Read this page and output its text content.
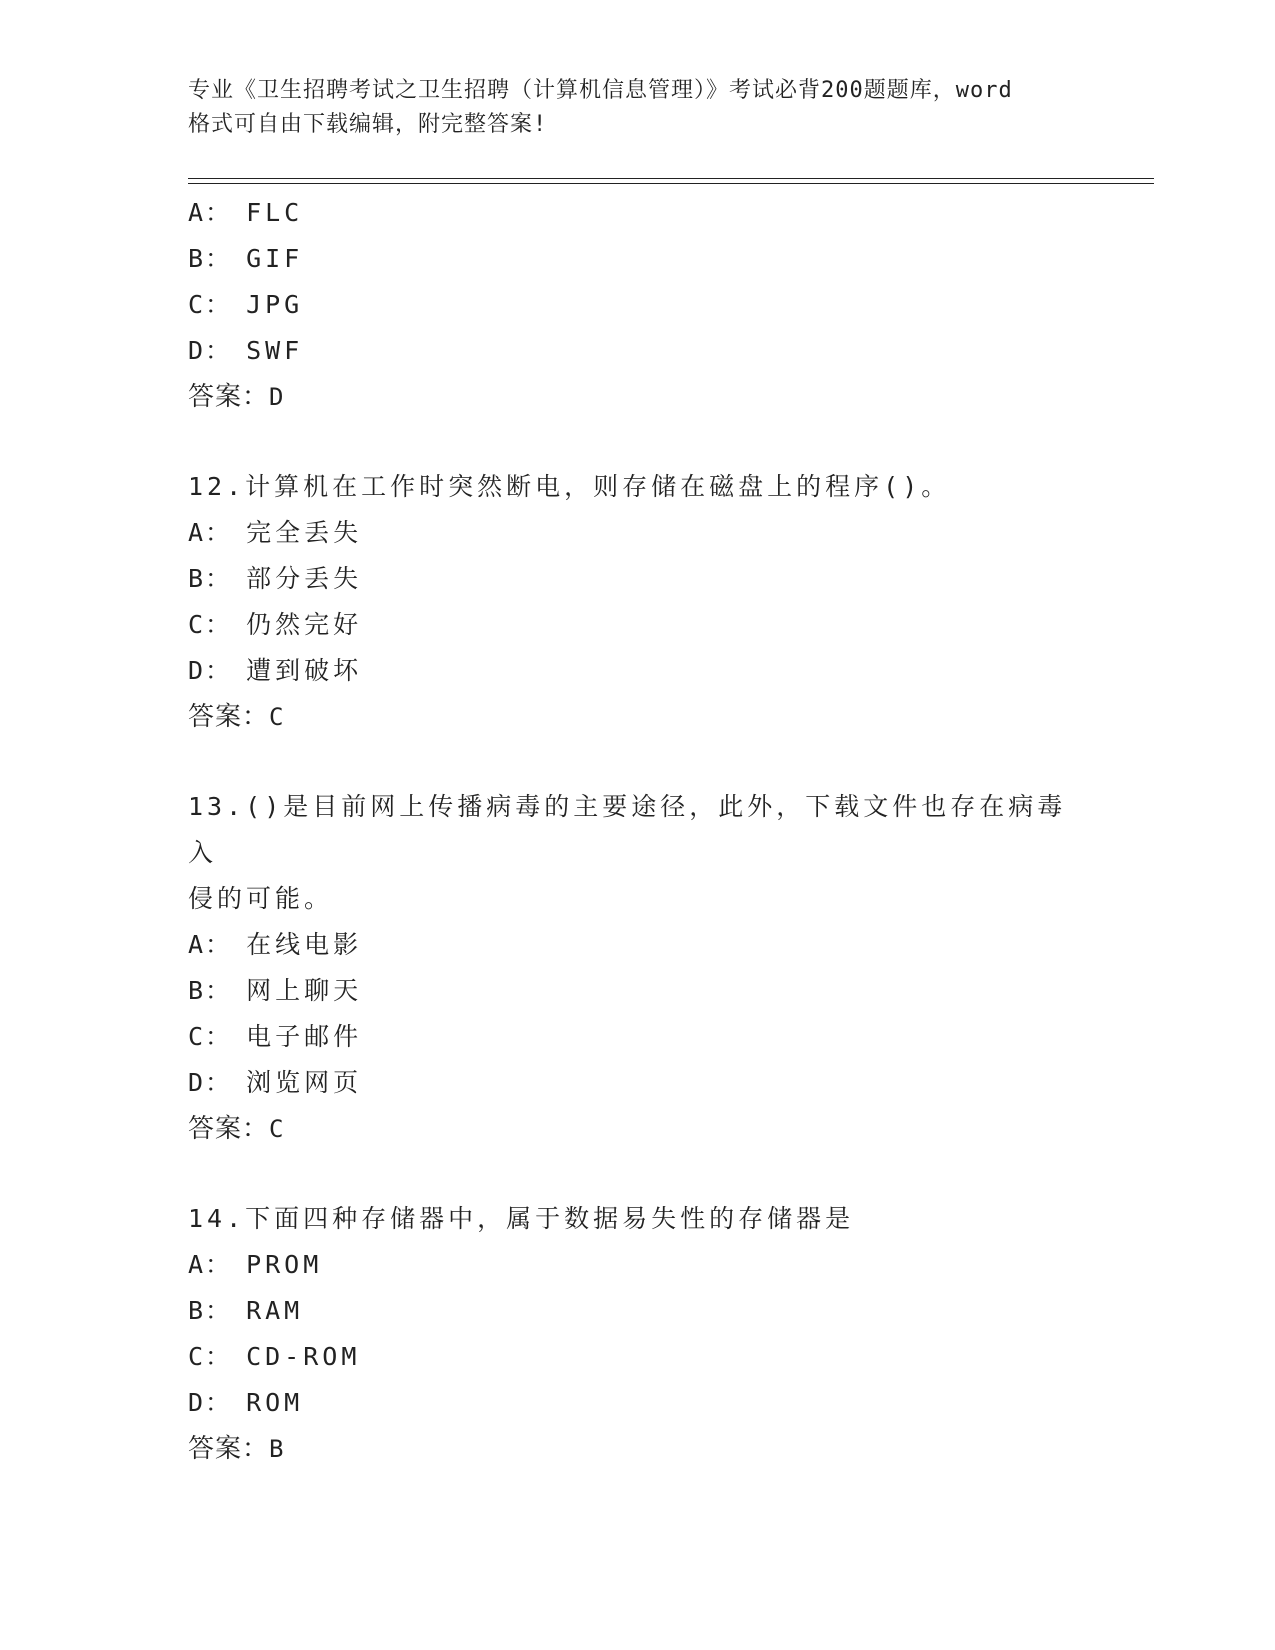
专业《卫生招聘考试之卫生招聘（计算机信息管理）》考试必背200题题库，word
格式可自由下载编辑，附完整答案!
A： FLC
B： GIF
C： JPG
D： SWF
答案：D
12.计算机在工作时突然断电，则存储在磁盘上的程序()。
A： 完全丢失
B： 部分丢失
C： 仍然完好
D： 遭到破坏
答案：C
13.()是目前网上传播病毒的主要途径，此外，下载文件也存在病毒入
侵的可能。
A： 在线电影
B： 网上聊天
C： 电子邮件
D： 浏览网页
答案：C
14.下面四种存储器中，属于数据易失性的存储器是
A： PROM
B： RAM
C： CD-ROM
D： ROM
答案：B
